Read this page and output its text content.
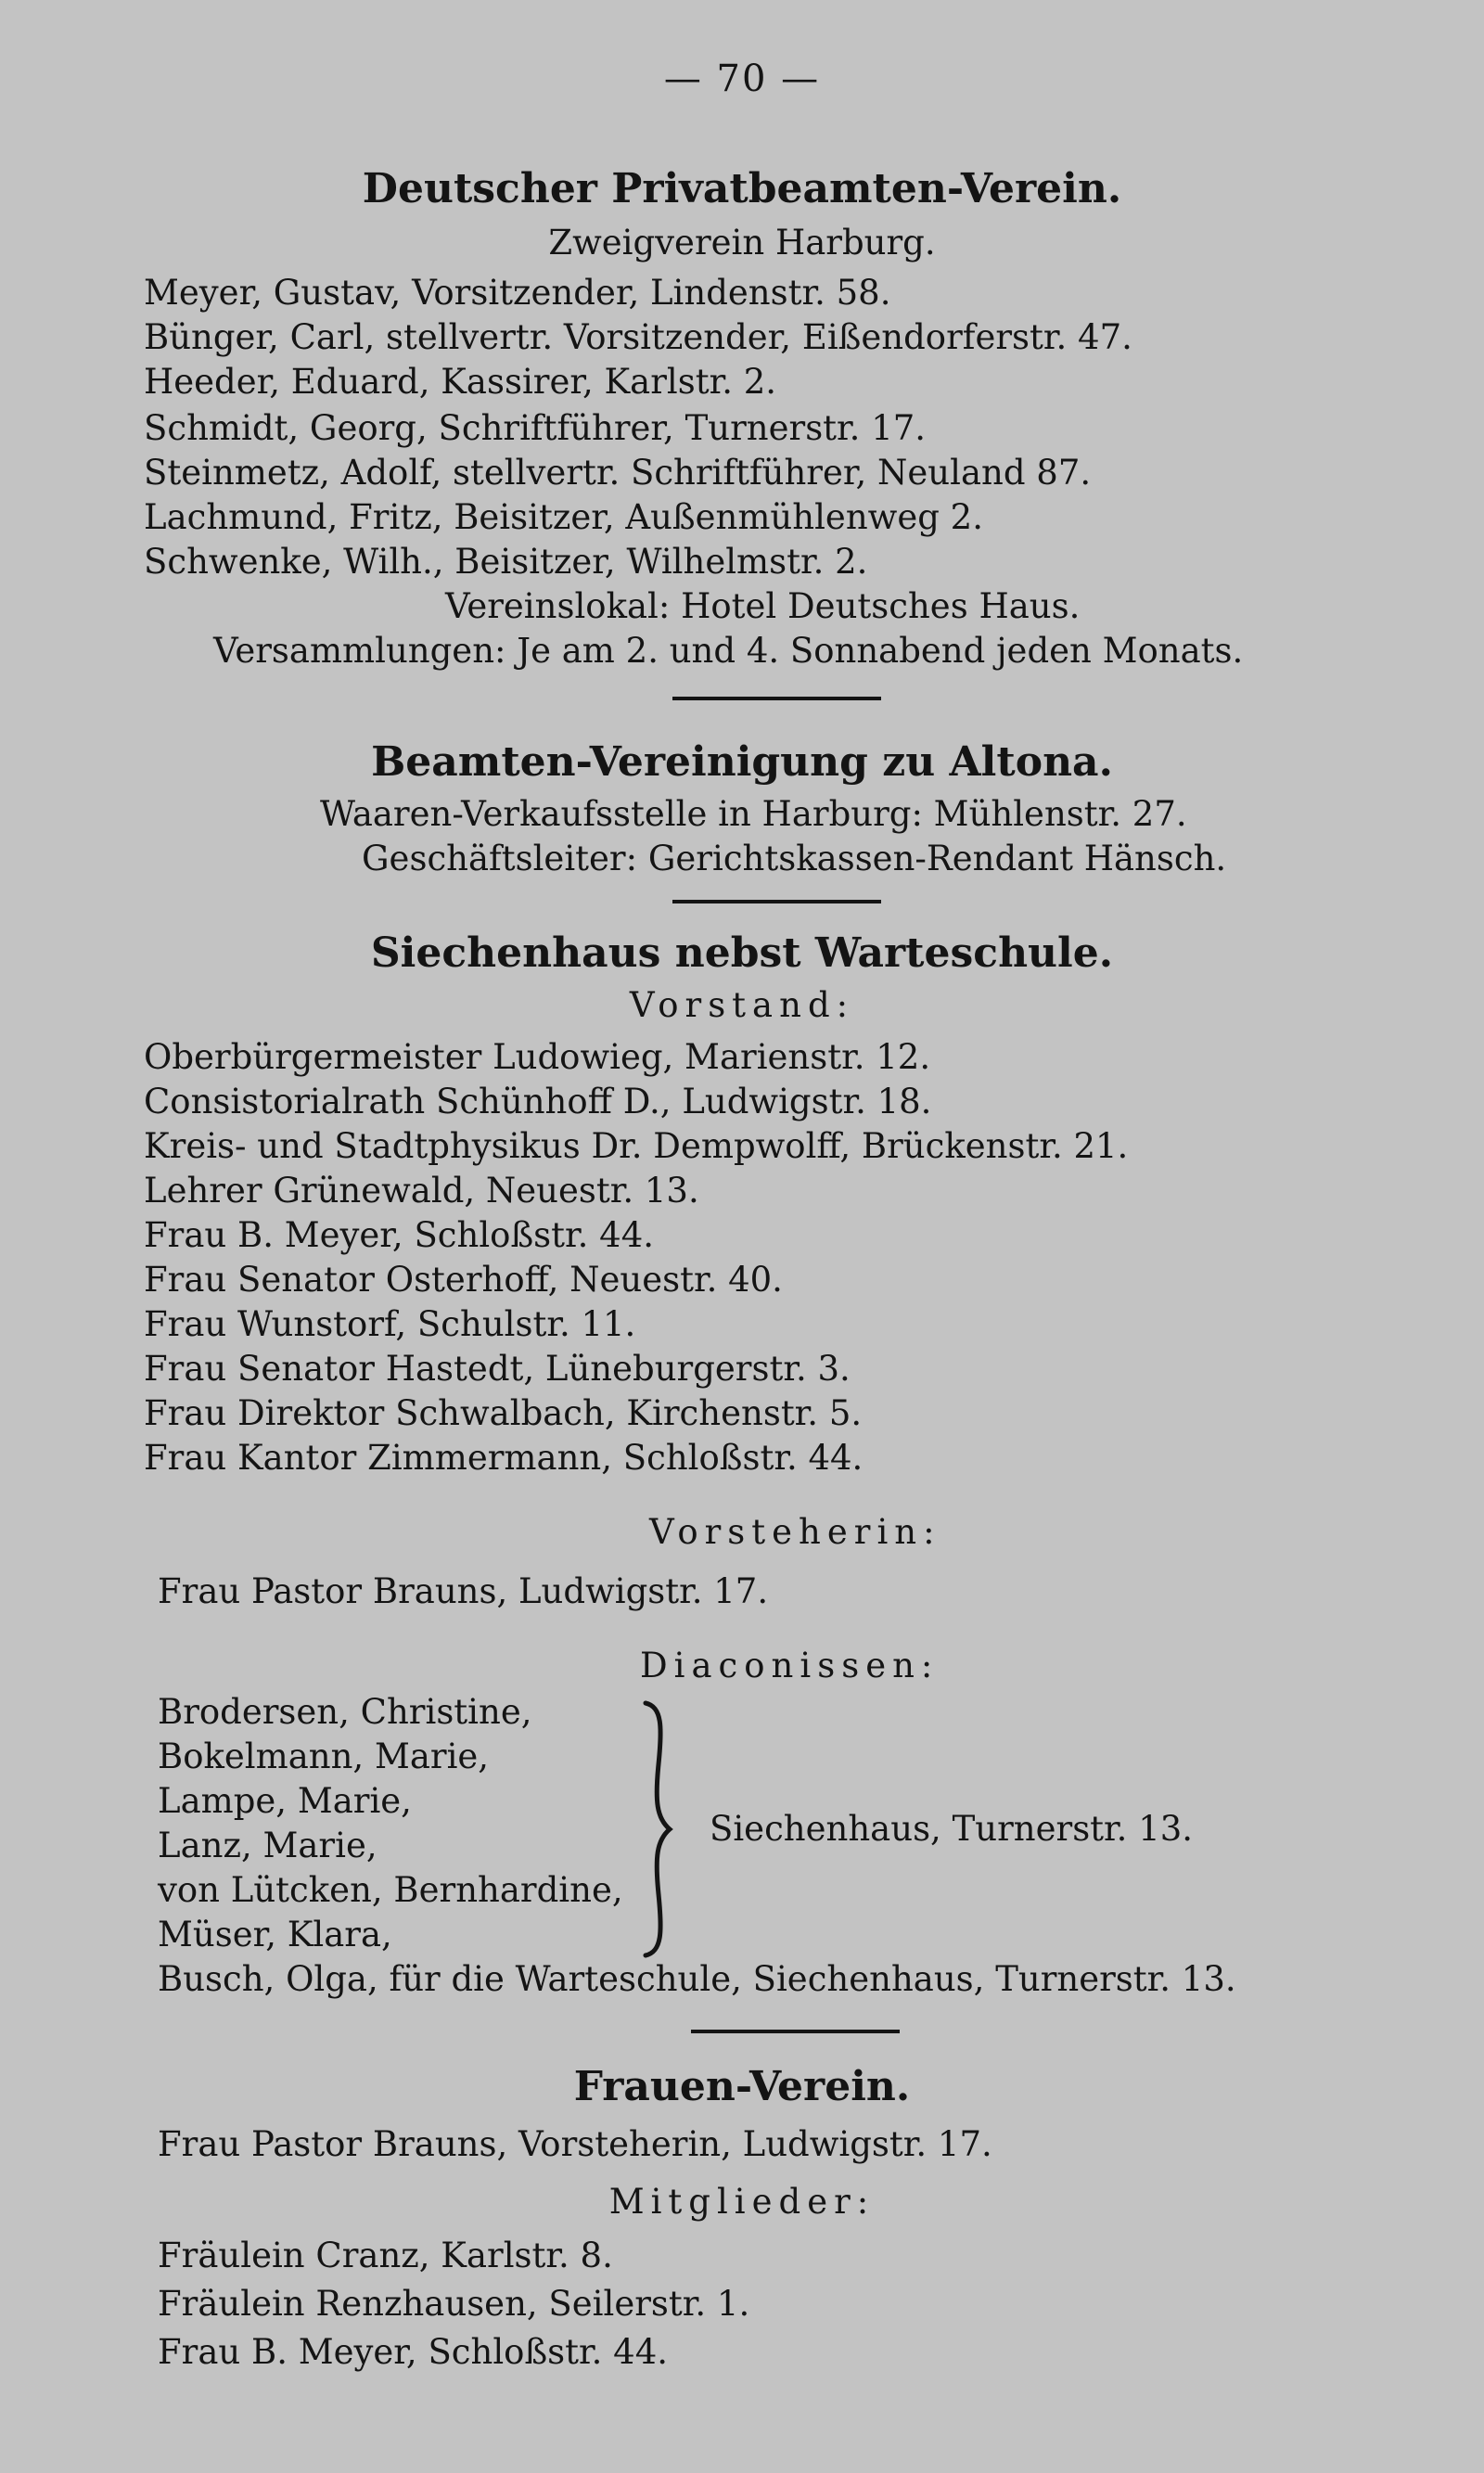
— 70 —
Deutscher Privatbeamten-Verein.
Zweigverein Harburg.
Meyer, Gustav, Vorsitzender, Lindenstr. 58.
Bünger, Carl, stellvertr. Vorsitzender, Eißendorferstr. 47.
Heeder, Eduard, Kassirer, Karlstr. 2.
Schmidt, Georg, Schriftführer, Turnerstr. 17.
Steinmetz, Adolf, stellvertr. Schriftführer, Neuland 87.
Lachmund, Fritz, Beisitzer, Außenmühlenweg 2.
Schwenke, Wilh., Beisitzer, Wilhelmstr. 2.
Vereinslokal: Hotel Deutsches Haus.
Versammlungen: Je am 2. und 4. Sonnabend jeden Monats.
Beamten-Vereinigung zu Altona.
Waaren-Verkaufsstelle in Harburg: Mühlenstr. 27.
Geschäftsleiter: Gerichtskassen-Rendant Hänsch.
Siechenhaus nebst Warteschule.
Vorstand:
Oberbürgermeister Ludowieg, Marienstr. 12.
Consistorialrath Schünhoff D., Ludwigstr. 18.
Kreis- und Stadtphysikus Dr. Dempwolff, Brückenstr. 21.
Lehrer Grünewald, Neuestr. 13.
Frau B. Meyer, Schloßstr. 44.
Frau Senator Osterhoff, Neuestr. 40.
Frau Wunstorf, Schulstr. 11.
Frau Senator Hastedt, Lüneburgerstr. 3.
Frau Direktor Schwalbach, Kirchenstr. 5.
Frau Kantor Zimmermann, Schloßstr. 44.
Vorsteherin:
Frau Pastor Brauns, Ludwigstr. 17.
Diaconissen:
Brodersen, Christine,
Bokelmann, Marie,
Lampe, Marie,
Lanz, Marie,
von Lütcken, Bernhardine,
Müser, Klara,
Siechenhaus, Turnerstr. 13.
Busch, Olga, für die Warteschule, Siechenhaus, Turnerstr. 13.
Frauen-Verein.
Frau Pastor Brauns, Vorsteherin, Ludwigstr. 17.
Mitglieder:
Fräulein Cranz, Karlstr. 8.
Fräulein Renzhausen, Seilerstr. 1.
Frau B. Meyer, Schloßstr. 44.
